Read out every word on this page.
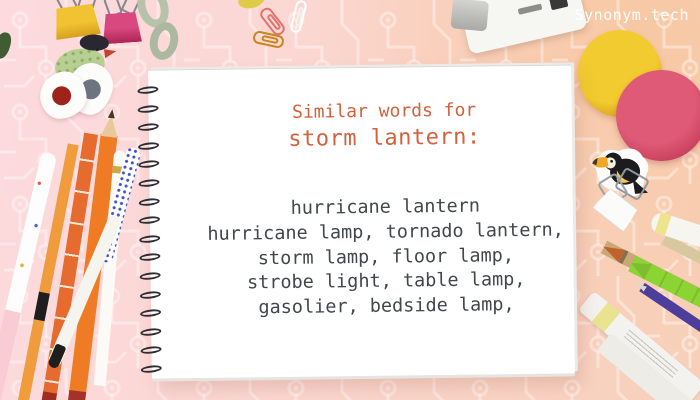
Similar words for
storm lantern:
hurricane lantern
hurricane lamp, tornado lantern,
storm lamp, floor lamp,
strobe light, table lamp,
gasolier, bedside lamp,
Synonym.tech
